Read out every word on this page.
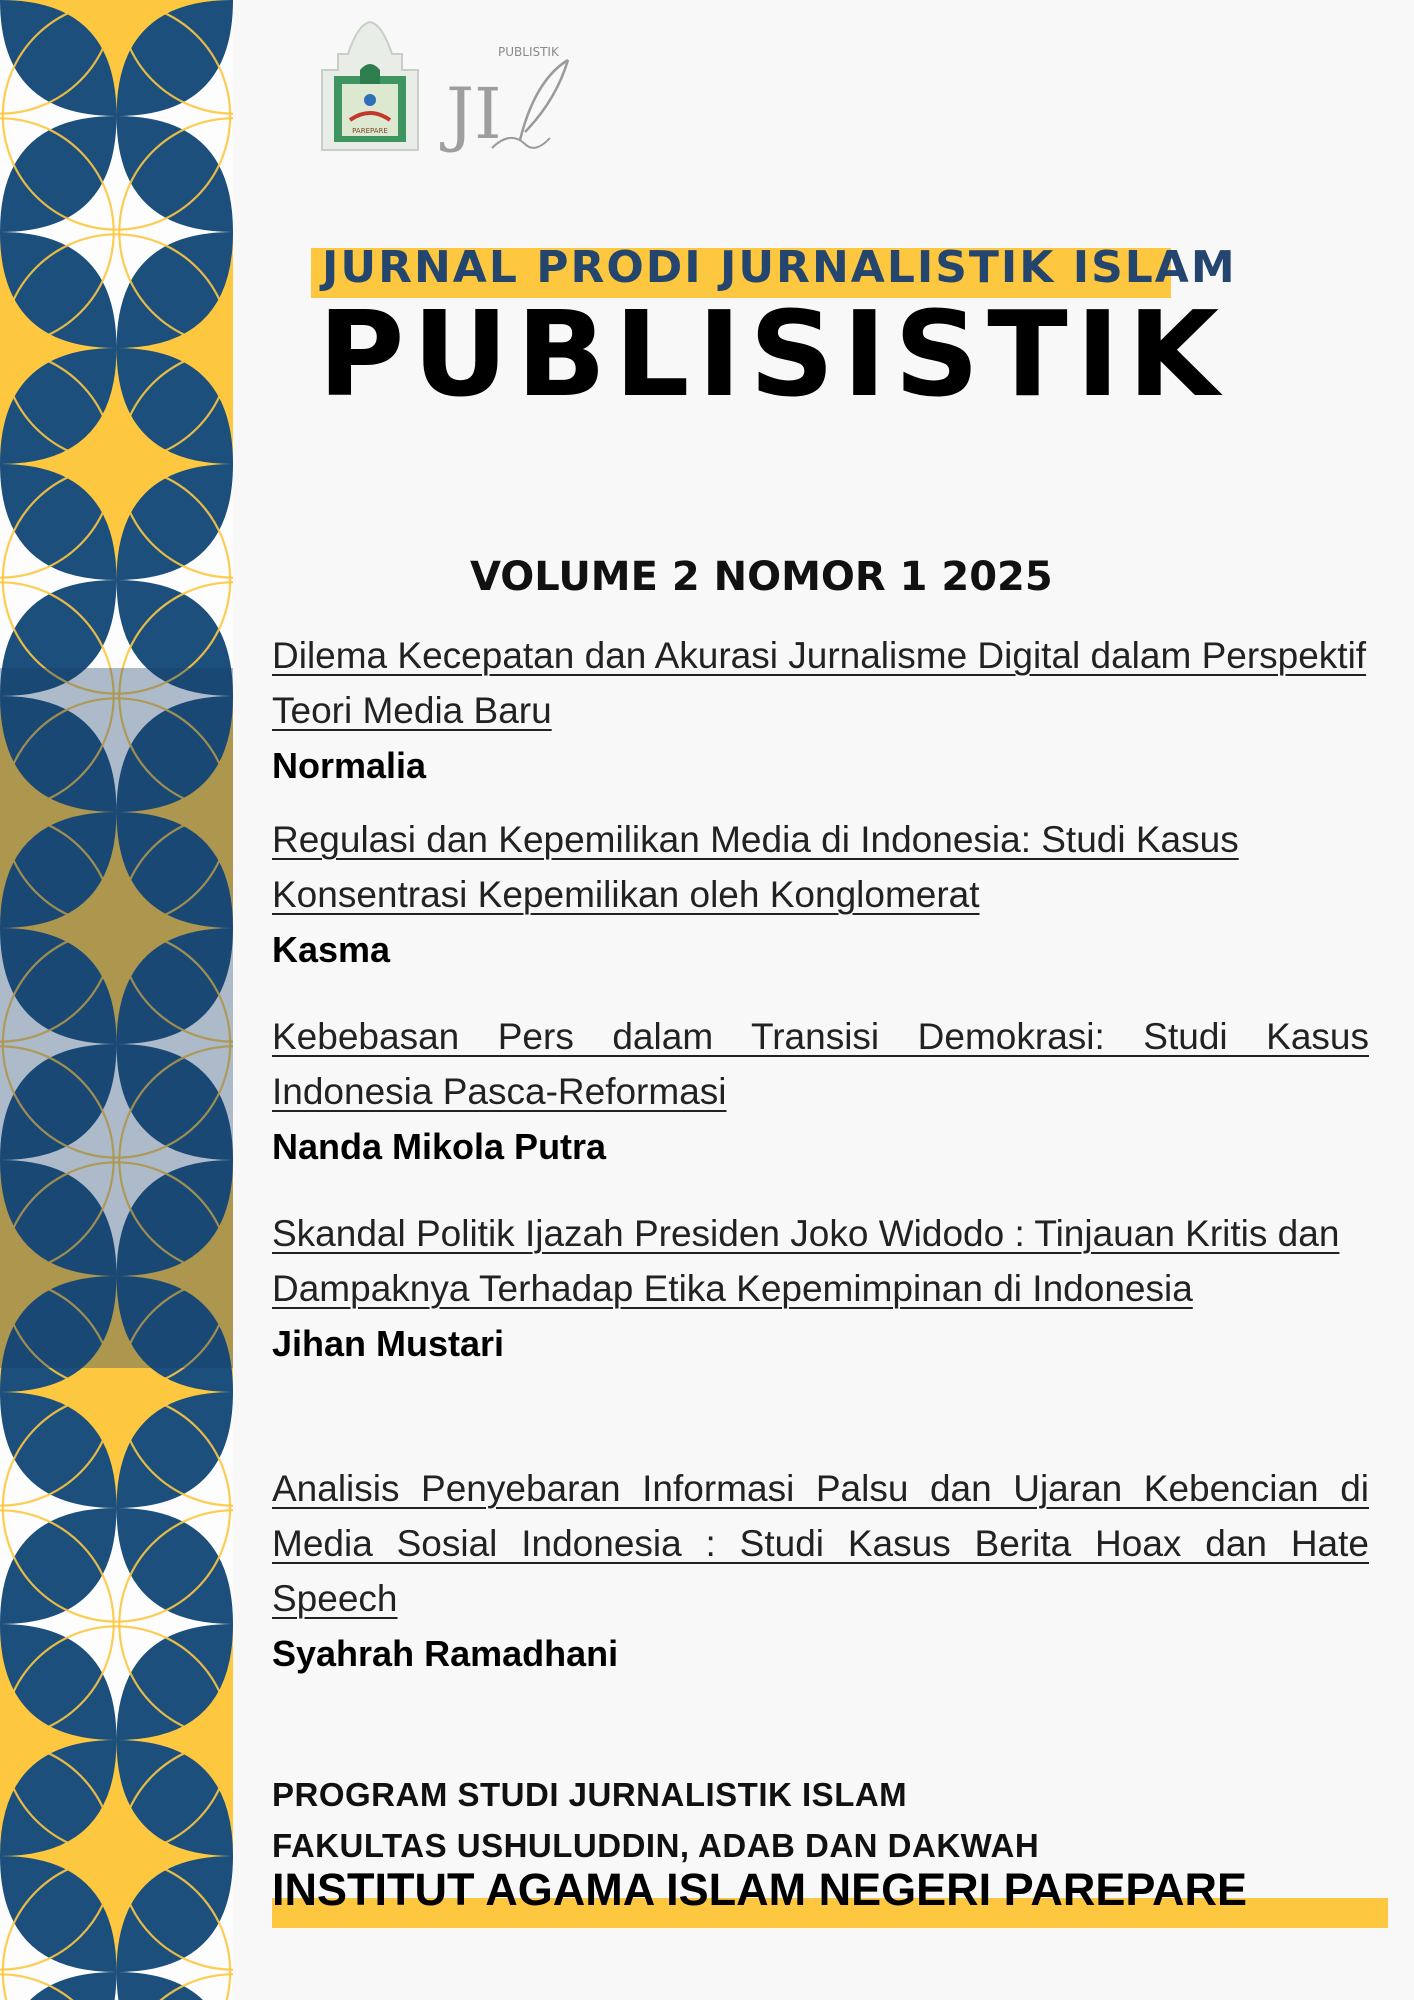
PAREPARE JI
PUBLISTIK
JURNAL PRODI JURNALISTIK ISLAM
PUBLISISTIK
VOLUME 2 NOMOR 1 2025
Dilema Kecepatan dan Akurasi Jurnalisme Digital dalam Perspektif Teori Media Baru
Normalia
Regulasi dan Kepemilikan Media di Indonesia: Studi Kasus Konsentrasi Kepemilikan oleh Konglomerat
Kasma
Kebebasan Pers dalam Transisi Demokrasi: Studi Kasus Indonesia Pasca-Reformasi
Nanda Mikola Putra
Skandal Politik Ijazah Presiden Joko Widodo : Tinjauan Kritis dan Dampaknya Terhadap Etika Kepemimpinan di Indonesia
Jihan Mustari
Analisis Penyebaran Informasi Palsu dan Ujaran Kebencian di Media Sosial Indonesia : Studi Kasus Berita Hoax dan Hate Speech
Syahrah Ramadhani
PROGRAM STUDI JURNALISTIK ISLAM
FAKULTAS USHULUDDIN, ADAB DAN DAKWAH
INSTITUT AGAMA ISLAM NEGERI PAREPARE
